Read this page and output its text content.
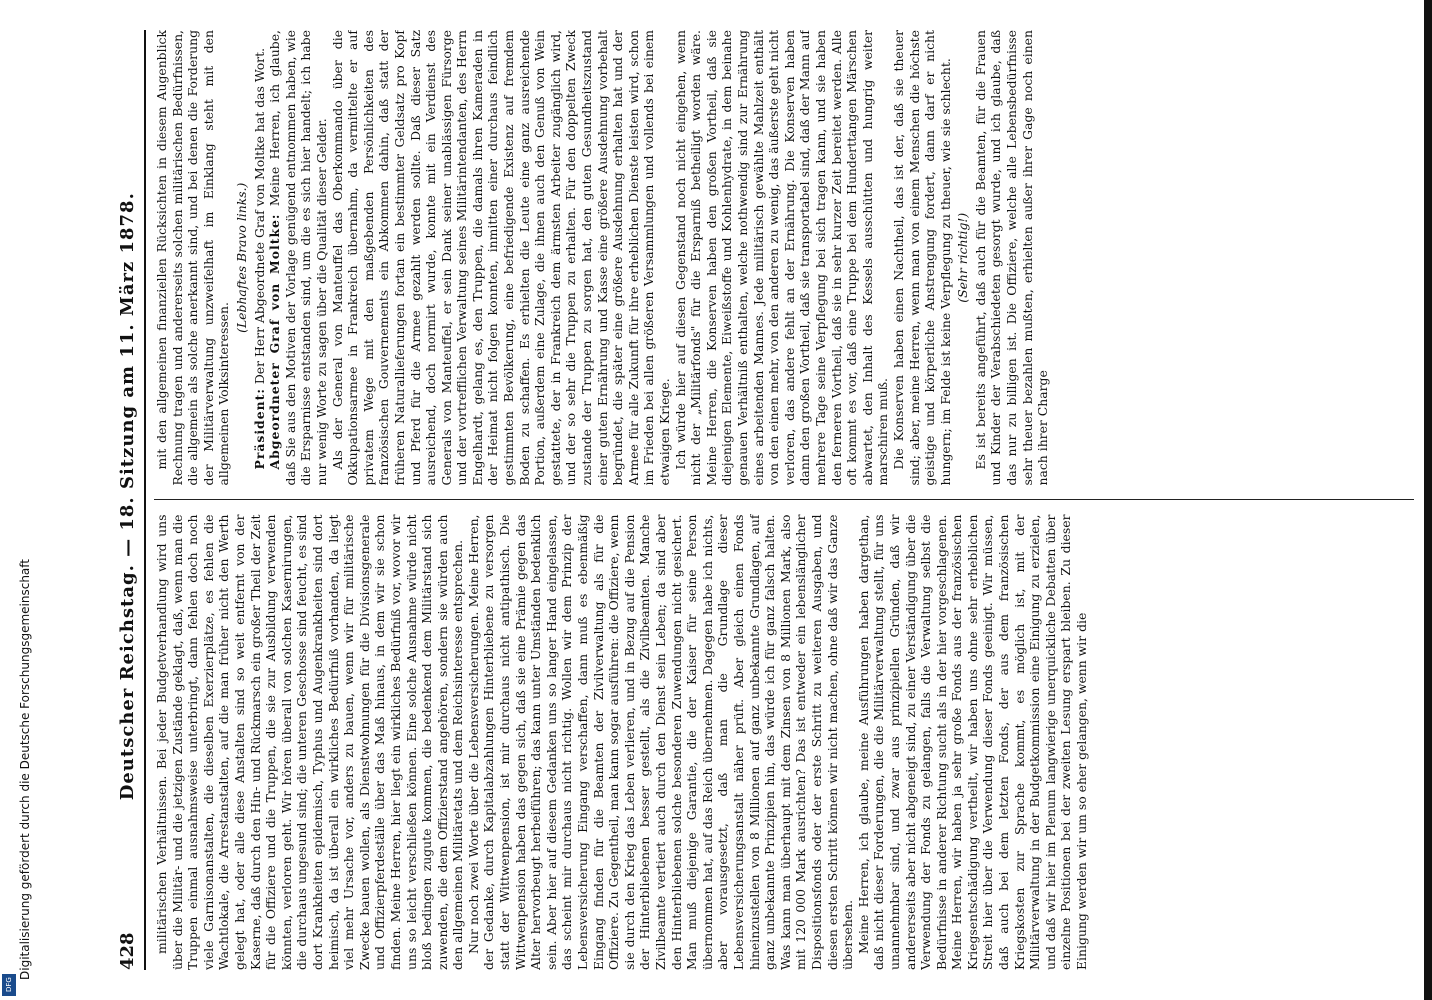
428
Deutscher Reichstag. — 18. Sitzung am 11. März 1878. militärischen Verhältnissen. Bei jeder Budgetverhandlung wird uns über die Militär- und die jetzigen Zustände geklagt, daß, wenn man die Truppen einmal ausnahmsweise unterbringt, dann fehlen doch noch viele Garnisonanstalten, die dieselben Exerzierplätze, es fehlen die Wachtlokale, die Arrestanstalten, auf die man früher nicht den Werth gelegt hat, oder alle diese Anstalten sind so weit entfernt von der Kaserne, daß durch den Hin- und Rückmarsch ein großer Theil der Zeit für die Offiziere und die Truppen, die sie zur Ausbildung verwenden könnten, verloren geht. Wir hören überall von solchen Kasernirungen, die durchaus ungesund sind; die unteren Geschosse sind feucht, es sind dort Krankheiten epidemisch, Typhus und Augenkrankheiten sind dort heimisch, da ist überall ein wirkliches Bedürfniß vorhanden, da liegt viel mehr Ursache vor, anders zu bauen, wenn wir für militärische Zwecke bauen wollen, als Dienstwohnungen für die Divisionsgenerale und Offizierpferdeställe über das Maß hinaus, in dem wir sie schon finden. Meine Herren, hier liegt ein wirkliches Bedürfniß vor, wovor wir uns so leicht verschließen können. Eine solche Ausnahme würde nicht bloß bedingen zugute kommen, die bedenkend dem Militärstand sich zuwenden, die dem Offizierstand angehören, sondern sie würden auch den allgemeinen Militäretats und dem Reichsinteresse entsprechen. Nur noch zwei Worte über die Lebensversicherungen. Meine Herren, der Gedanke, durch Kapitalabzahlungen Hinterbliebene zu versorgen statt der Wittwenpension, ist mir durchaus nicht antipathisch. Die Wittwenpension haben das gegen sich, daß sie eine Prämie gegen das Alter hervorbeugt herbeiführen; das kann unter Umständen bedenklich sein. Aber hier auf diesem Gedanken uns so langer Hand eingelassen, das scheint mir durchaus nicht richtig. Wollen wir dem Prinzip der Lebensversicherung Eingang verschaffen, dann muß es ebenmäßig Eingang finden für die Beamten der Zivilverwaltung als für die Offiziere. Zu Gegentheil, man kann sogar ausführen: die Offiziere, wenn sie durch den Krieg das Leben verlieren, und in Bezug auf die Pension der Hinterbliebenen besser gestellt, als die Zivilbeamten. Manche Zivilbeamte vertiert auch durch den Dienst sein Leben; da sind aber den Hinterbliebenen solche besonderen Zuwendungen nicht gesichert. Man muß diejenige Garantie, die der Kaiser für seine Person übernommen hat, auf das Reich übernehmen. Dagegen habe ich nichts, aber vorausgesetzt, daß man die Grundlage dieser Lebensversicherungsanstalt näher prüft. Aber gleich einen Fonds hineinzustellen von 8 Millionen auf ganz unbekannte Grundlagen, auf ganz unbekannte Prinzipien hin, das würde ich für ganz falsch halten. Was kann man überhaupt mit dem Zinsen von 8 Millionen Mark, also mit 120 000 Mark ausrichten? Das ist entweder ein lebenslänglicher Dispositionsfonds oder der erste Schritt zu weiteren Ausgaben, und diesen ersten Schritt können wir nicht machen, ohne daß wir das Ganze übersehen. Meine Herren, ich glaube, meine Ausführungen haben dargethan, daß nicht dieser Forderungen, die die Militärverwaltung stellt, für uns unannehmbar sind, und zwar aus prinzipiellen Gründen, daß wir andererseits aber nicht abgeneigt sind, zu einer Verständigung über die Verwendung der Fonds zu gelangen, falls die Verwaltung selbst die Bedürfnisse in anderer Richtung sucht als in der hier vorgeschlagenen. Meine Herren, wir haben ja sehr große Fonds aus der französischen Kriegsentschädigung vertheilt, wir haben uns ohne sehr erheblichen Streit hier über die Verwendung dieser Fonds geeinigt. Wir müssen, daß auch bei dem letzten Fonds, der aus dem französischen Kriegskosten zur Sprache kommt, es möglich ist, mit der Militärverwaltung in der Budgetkommission eine Einigung zu erzielen, und daß wir hier im Plenum langwierige unerquickliche Debatten über einzelne Positionen bei der zweiten Lesung erspart bleiben. Zu dieser Einigung werden wir um so eher gelangen, wenn wir die

mit den allgemeinen finanziellen Rücksichten in diesem Augenblick Rechnung tragen und andererseits solchen militärischen Bedürfnissen, die allgemein als solche anerkannt sind, und bei denen die Forderung der Militärverwaltung unzweifelhaft im Einklang steht mit den allgemeinen Volksinteressen.

(Lebhaftes Bravo links.)

Präsident: Der Herr Abgeordnete Graf von Moltke hat das Wort. Abgeordneter Graf von Moltke: Meine Herren, ich glaube, daß Sie aus den Motiven der Vorlage genügend entnommen haben, wie die Ersparnisse entstanden sind, um die es sich hier handelt; ich habe nur wenig Worte zu sagen über die Qualität dieser Gelder. Als der General von Manteuffel das Oberkommando über die Okkupationsarmee in Frankreich übernahm, da vermittelte er auf privatem Wege mit den maßgebenden Persönlichkeiten des französischen Gouvernements ein Abkommen dahin, daß statt der früheren Naturallieferungen fortan ein bestimmter Geldsatz pro Kopf und Pferd für die Armee gezahlt werden sollte. Daß dieser Satz ausreichend, doch normirt wurde, konnte mit ein Verdienst des Generals von Manteuffel, er sein Dank seiner unablässigen Fürsorge und der vortrefflichen Verwaltung seines Militärintendanten, des Herrn Engelhardt, gelang es, den Truppen, die damals ihren Kameraden in der Heimat nicht folgen konnten, inmitten einer durchaus feindlich gestimmten Bevölkerung, eine befriedigende Existenz auf fremdem Boden zu schaffen. Es erhielten die Leute eine ganz ausreichende Portion, außerdem eine Zulage, die ihnen auch den Genuß von Wein gestattete, der in Frankreich dem ärmsten Arbeiter zugänglich wird, und der so sehr die Truppen zu erhalten. Für den doppelten Zweck zustande der Truppen zu sorgen hat, den guten Gesundheitszustand einer guten Ernährung und Kasse eine größere Ausdehnung vorbehalt begründet, die später eine größere Ausdehnung erhalten hat und der Armee für alle Zukunft für ihre erheblichen Dienste leisten wird, schon im Frieden bei allen größeren Versammlungen und vollends bei einem etwaigen Kriege. Ich würde hier auf diesen Gegenstand noch nicht eingehen, wenn nicht der „Militärfonds" für die Ersparniß betheiligt worden wäre. Meine Herren, die Konserven haben den großen Vortheil, daß sie diejenigen Elemente, Eiweißstoffe und Kohlenhydrate, in dem beinahe genauen Verhältniß enthalten, welche nothwendig sind zur Ernährung eines arbeitenden Mannes. Jede militärisch gewählte Mahlzeit enthält von den einen mehr, von den anderen zu wenig, das äußerste geht nicht verloren, das andere fehlt an der Ernährung. Die Konserven haben dann den großen Vortheil, daß sie transportabel sind, daß der Mann auf mehrere Tage seine Verpflegung bei sich tragen kann, und sie haben den ferneren Vortheil, daß sie in sehr kurzer Zeit bereitet werden. Alle oft kommt es vor, daß eine Truppe bei dem Hunderttangen Märschen abwartet, den Inhalt des Kessels ausschütten und hungrig weiter marschiren muß. Die Konserven haben einen Nachtheil, das ist der, daß sie theuer sind; aber, meine Herren, wenn man von einem Menschen die höchste geistige und körperliche Anstrengung fordert, dann darf er nicht hungern; im Felde ist keine Verpflegung zu theuer, wie sie schlecht. (Sehr richtig!) Es ist bereits angeführt, daß auch für die Beamten, für die Frauen und Kinder der Verabschiedeten gesorgt wurde, und ich glaube, daß das nur zu billigen ist. Die Offiziere, welche alle Lebensbedürfnisse sehr theuer bezahlen mußten, erhielten außer ihrer Gage noch einen nach ihrer Charge

DFG
Digitalisierung gefördert durch die Deutsche Forschungsgemeinschaft
